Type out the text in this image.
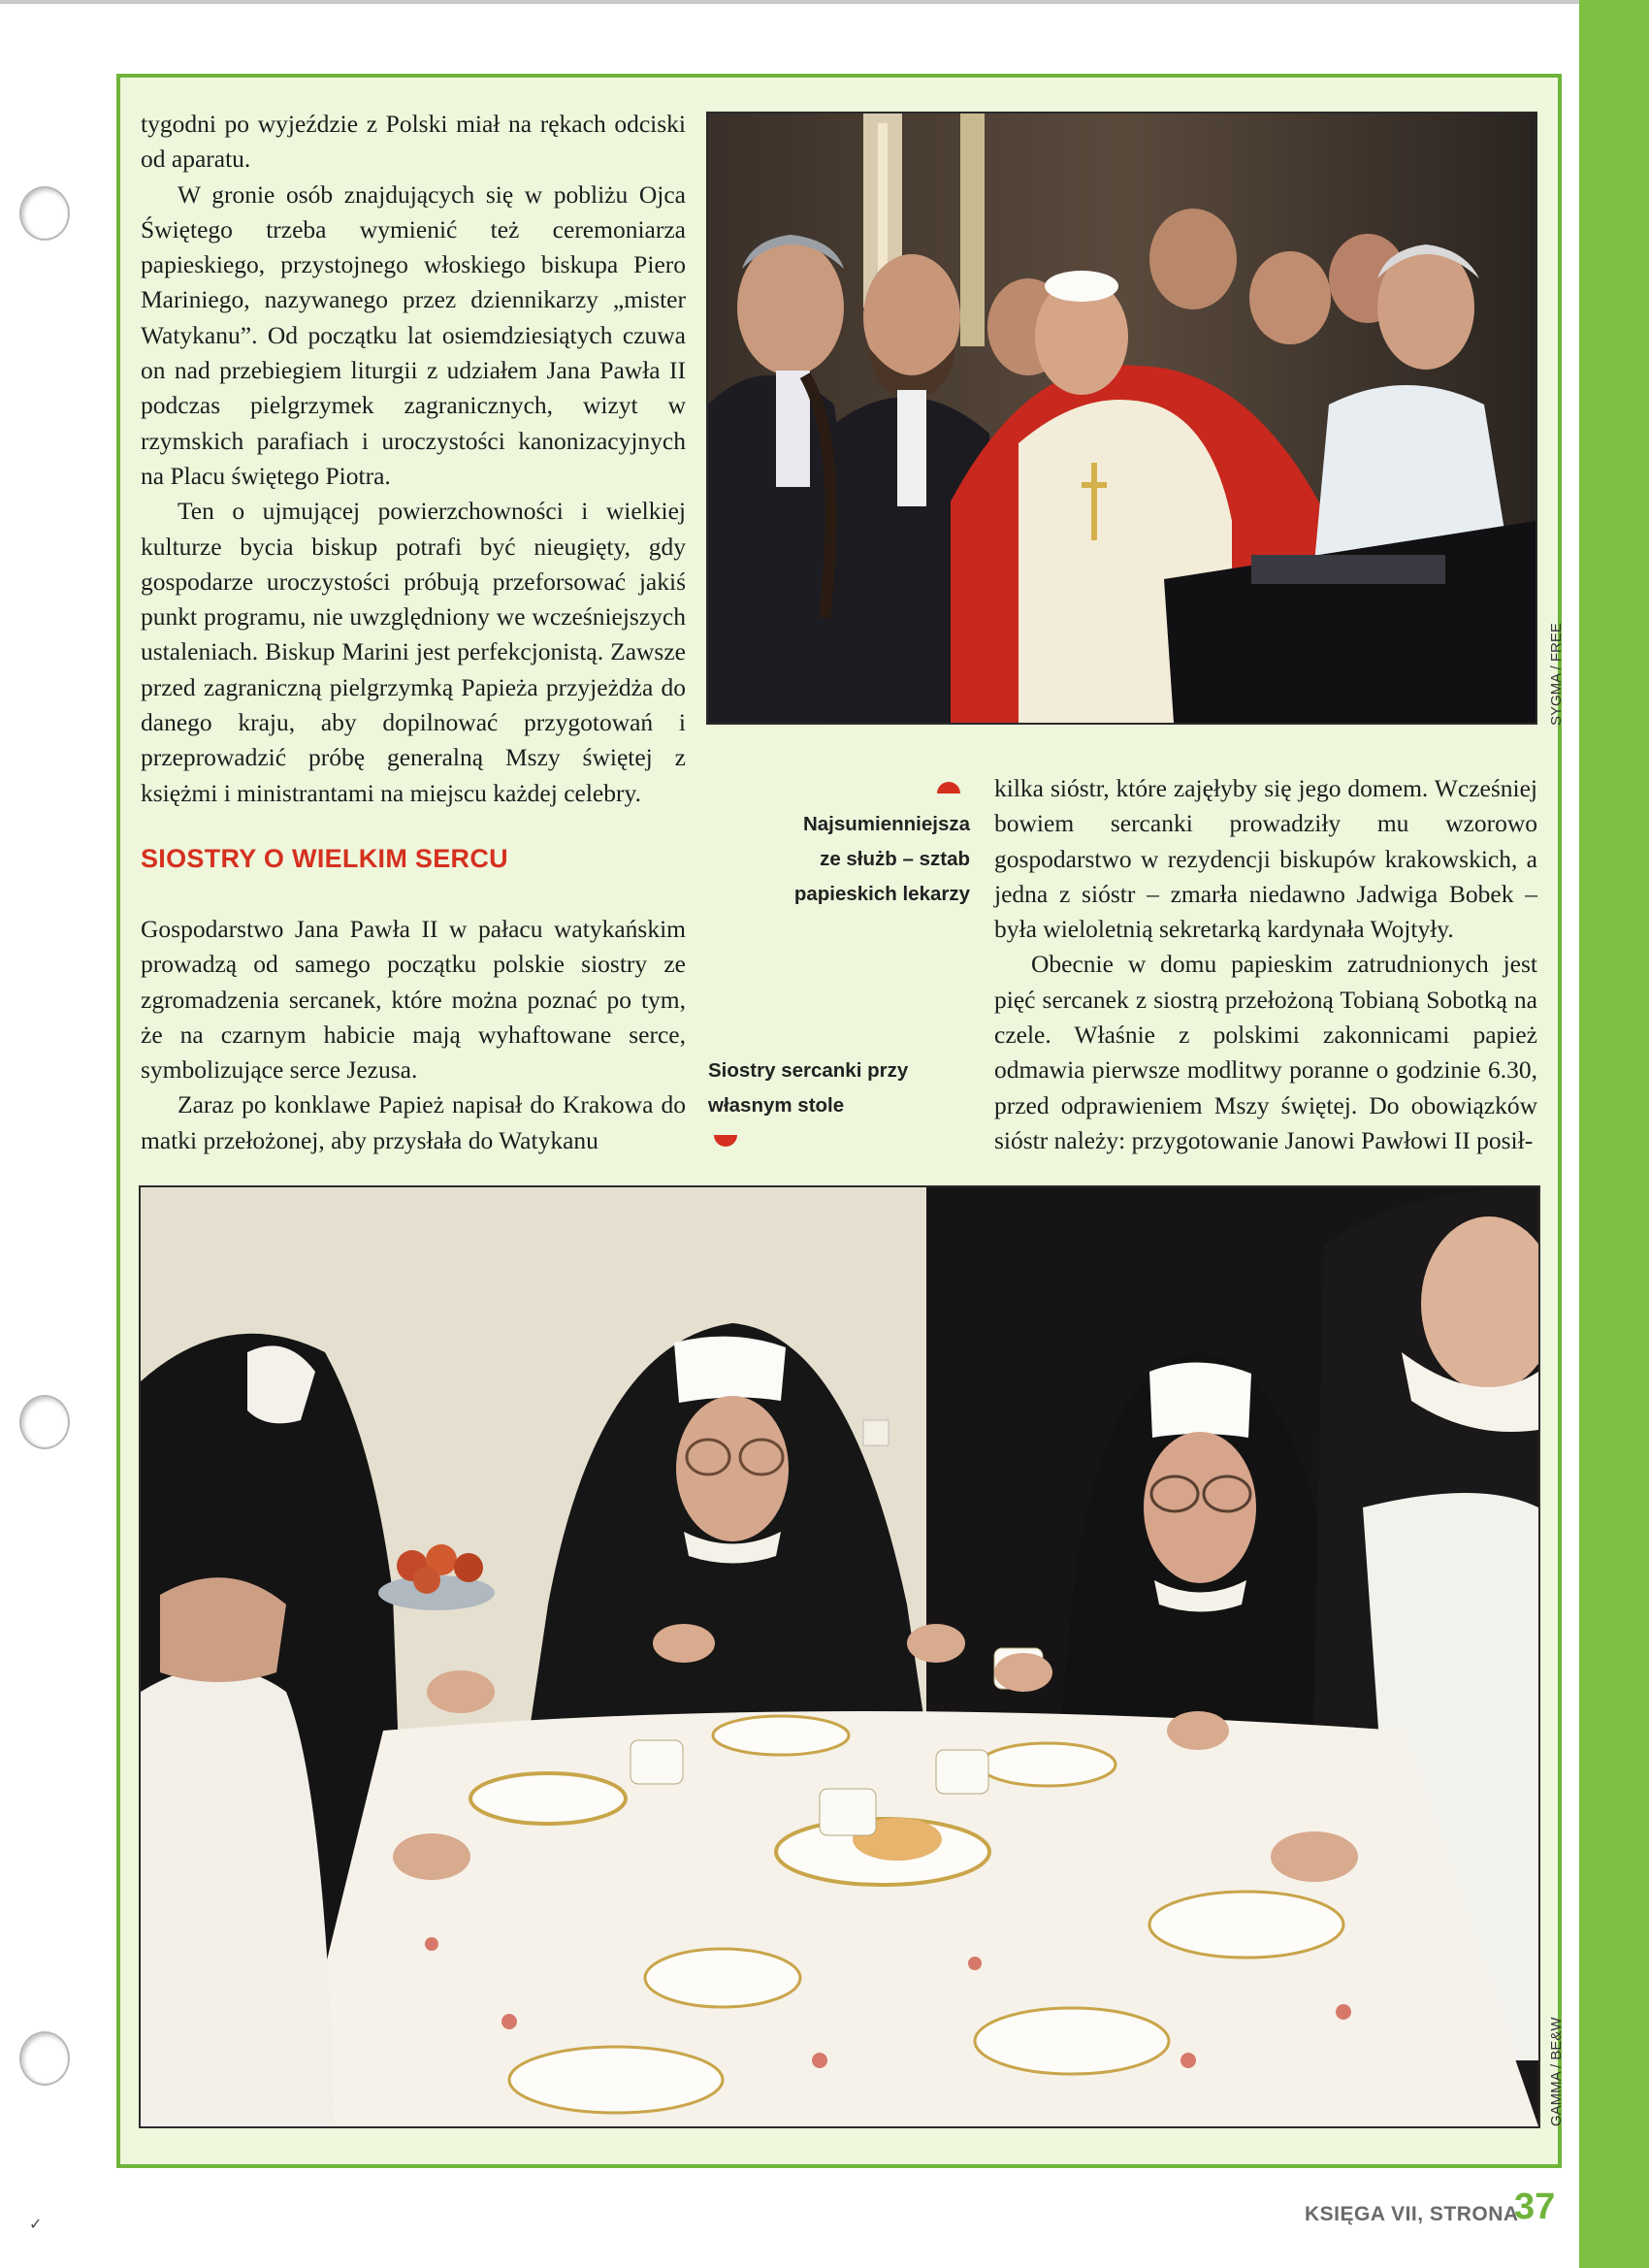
tygodni po wyjeździe z Polski miał na rękach odciski od aparatu.

W gronie osób znajdujących się w pobliżu Ojca Świętego trzeba wymienić też ceremoniarza papieskiego, przystojnego włoskiego biskupa Piero Mariniego, nazywanego przez dziennikarzy „mister Watykanu”. Od początku lat osiemdziesiątych czuwa on nad przebiegiem liturgii z udziałem Jana Pawła II podczas pielgrzymek zagranicznych, wizyt w rzymskich parafiach i uroczystości kanonizacyjnych na Placu świętego Piotra.

Ten o ujmującej powierzchowności i wielkiej kulturze bycia biskup potrafi być nieugięty, gdy gospodarze uroczystości próbują przeforsować jakiś punkt programu, nie uwzględniony we wcześniejszych ustaleniach. Biskup Marini jest perfekcjonistą. Zawsze przed zagraniczną pielgrzymką Papieża przyjeżdża do danego kraju, aby dopilnować przygotowań i przeprowadzić próbę generalną Mszy świętej z księżmi i ministrantami na miejscu każdej celebry.

SIOSTRY O WIELKIM SERCU

Gospodarstwo Jana Pawła II w pałacu watykańskim prowadzą od samego początku polskie siostry ze zgromadzenia sercanek, które można poznać po tym, że na czarnym habicie mają wyhaftowane serce, symbolizujące serce Jezusa.

Zaraz po konklawe Papież napisał do Krakowa do matki przełożonej, aby przysłała do Watykanu

kilka sióstr, które zajęłyby się jego domem. Wcześniej bowiem sercanki prowadziły mu wzorowo gospodarstwo w rezydencji biskupów krakowskich, a jedna z sióstr – zmarła niedawno Jadwiga Bobek – była wieloletnią sekretarką kardynała Wojtyły.

Obecnie w domu papieskim zatrudnionych jest pięć sercanek z siostrą przełożoną Tobianą Sobotką na czele. Właśnie z polskimi zakonnicami papież odmawia pierwsze modlitwy poranne o godzinie 6.30, przed odprawieniem Mszy świętej. Do obowiązków sióstr należy: przygotowanie Janowi Pawłowi II posił-

SYGMA / FREE
Najsumienniejsza
ze służb – sztab
papieskich lekarzy
Siostry sercanki przy
własnym stole
GAMMA / BE&W
KSIĘGA VII, STRONA
37
✓
